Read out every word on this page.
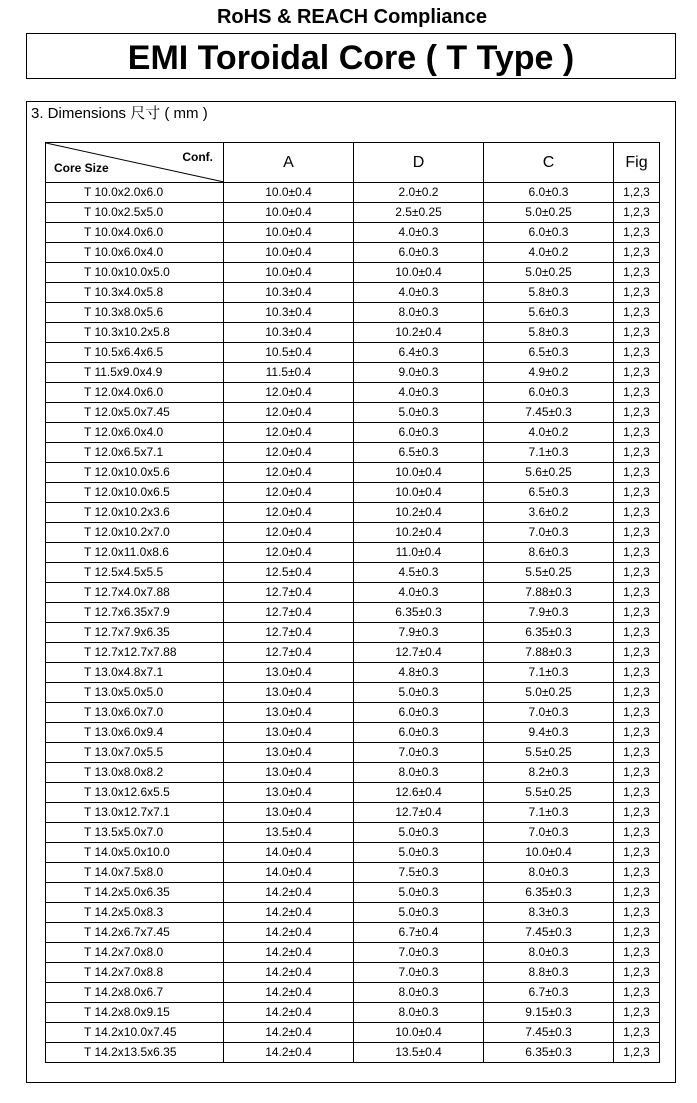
RoHS & REACH Compliance
EMI Toroidal Core ( T Type )
3. Dimensions 尺寸 ( mm )
Conf.
Core Size	A	D	C	Fig
T 10.0x2.0x6.0	10.0±0.4	2.0±0.2	6.0±0.3	1,2,3
T 10.0x2.5x5.0	10.0±0.4	2.5±0.25	5.0±0.25	1,2,3
T 10.0x4.0x6.0	10.0±0.4	4.0±0.3	6.0±0.3	1,2,3
T 10.0x6.0x4.0	10.0±0.4	6.0±0.3	4.0±0.2	1,2,3
T 10.0x10.0x5.0	10.0±0.4	10.0±0.4	5.0±0.25	1,2,3
T 10.3x4.0x5.8	10.3±0.4	4.0±0.3	5.8±0.3	1,2,3
T 10.3x8.0x5.6	10.3±0.4	8.0±0.3	5.6±0.3	1,2,3
T 10.3x10.2x5.8	10.3±0.4	10.2±0.4	5.8±0.3	1,2,3
T 10.5x6.4x6.5	10.5±0.4	6.4±0.3	6.5±0.3	1,2,3
T 11.5x9.0x4.9	11.5±0.4	9.0±0.3	4.9±0.2	1,2,3
T 12.0x4.0x6.0	12.0±0.4	4.0±0.3	6.0±0.3	1,2,3
T 12.0x5.0x7.45	12.0±0.4	5.0±0.3	7.45±0.3	1,2,3
T 12.0x6.0x4.0	12.0±0.4	6.0±0.3	4.0±0.2	1,2,3
T 12.0x6.5x7.1	12.0±0.4	6.5±0.3	7.1±0.3	1,2,3
T 12.0x10.0x5.6	12.0±0.4	10.0±0.4	5.6±0.25	1,2,3
T 12.0x10.0x6.5	12.0±0.4	10.0±0.4	6.5±0.3	1,2,3
T 12.0x10.2x3.6	12.0±0.4	10.2±0.4	3.6±0.2	1,2,3
T 12.0x10.2x7.0	12.0±0.4	10.2±0.4	7.0±0.3	1,2,3
T 12.0x11.0x8.6	12.0±0.4	11.0±0.4	8.6±0.3	1,2,3
T 12.5x4.5x5.5	12.5±0.4	4.5±0.3	5.5±0.25	1,2,3
T 12.7x4.0x7.88	12.7±0.4	4.0±0.3	7.88±0.3	1,2,3
T 12.7x6.35x7.9	12.7±0.4	6.35±0.3	7.9±0.3	1,2,3
T 12.7x7.9x6.35	12.7±0.4	7.9±0.3	6.35±0.3	1,2,3
T 12.7x12.7x7.88	12.7±0.4	12.7±0.4	7.88±0.3	1,2,3
T 13.0x4.8x7.1	13.0±0.4	4.8±0.3	7.1±0.3	1,2,3
T 13.0x5.0x5.0	13.0±0.4	5.0±0.3	5.0±0.25	1,2,3
T 13.0x6.0x7.0	13.0±0.4	6.0±0.3	7.0±0.3	1,2,3
T 13.0x6.0x9.4	13.0±0.4	6.0±0.3	9.4±0.3	1,2,3
T 13.0x7.0x5.5	13.0±0.4	7.0±0.3	5.5±0.25	1,2,3
T 13.0x8.0x8.2	13.0±0.4	8.0±0.3	8.2±0.3	1,2,3
T 13.0x12.6x5.5	13.0±0.4	12.6±0.4	5.5±0.25	1,2,3
T 13.0x12.7x7.1	13.0±0.4	12.7±0.4	7.1±0.3	1,2,3
T 13.5x5.0x7.0	13.5±0.4	5.0±0.3	7.0±0.3	1,2,3
T 14.0x5.0x10.0	14.0±0.4	5.0±0.3	10.0±0.4	1,2,3
T 14.0x7.5x8.0	14.0±0.4	7.5±0.3	8.0±0.3	1,2,3
T 14.2x5.0x6.35	14.2±0.4	5.0±0.3	6.35±0.3	1,2,3
T 14.2x5.0x8.3	14.2±0.4	5.0±0.3	8.3±0.3	1,2,3
T 14.2x6.7x7.45	14.2±0.4	6.7±0.4	7.45±0.3	1,2,3
T 14.2x7.0x8.0	14.2±0.4	7.0±0.3	8.0±0.3	1,2,3
T 14.2x7.0x8.8	14.2±0.4	7.0±0.3	8.8±0.3	1,2,3
T 14.2x8.0x6.7	14.2±0.4	8.0±0.3	6.7±0.3	1,2,3
T 14.2x8.0x9.15	14.2±0.4	8.0±0.3	9.15±0.3	1,2,3
T 14.2x10.0x7.45	14.2±0.4	10.0±0.4	7.45±0.3	1,2,3
T 14.2x13.5x6.35	14.2±0.4	13.5±0.4	6.35±0.3	1,2,3
